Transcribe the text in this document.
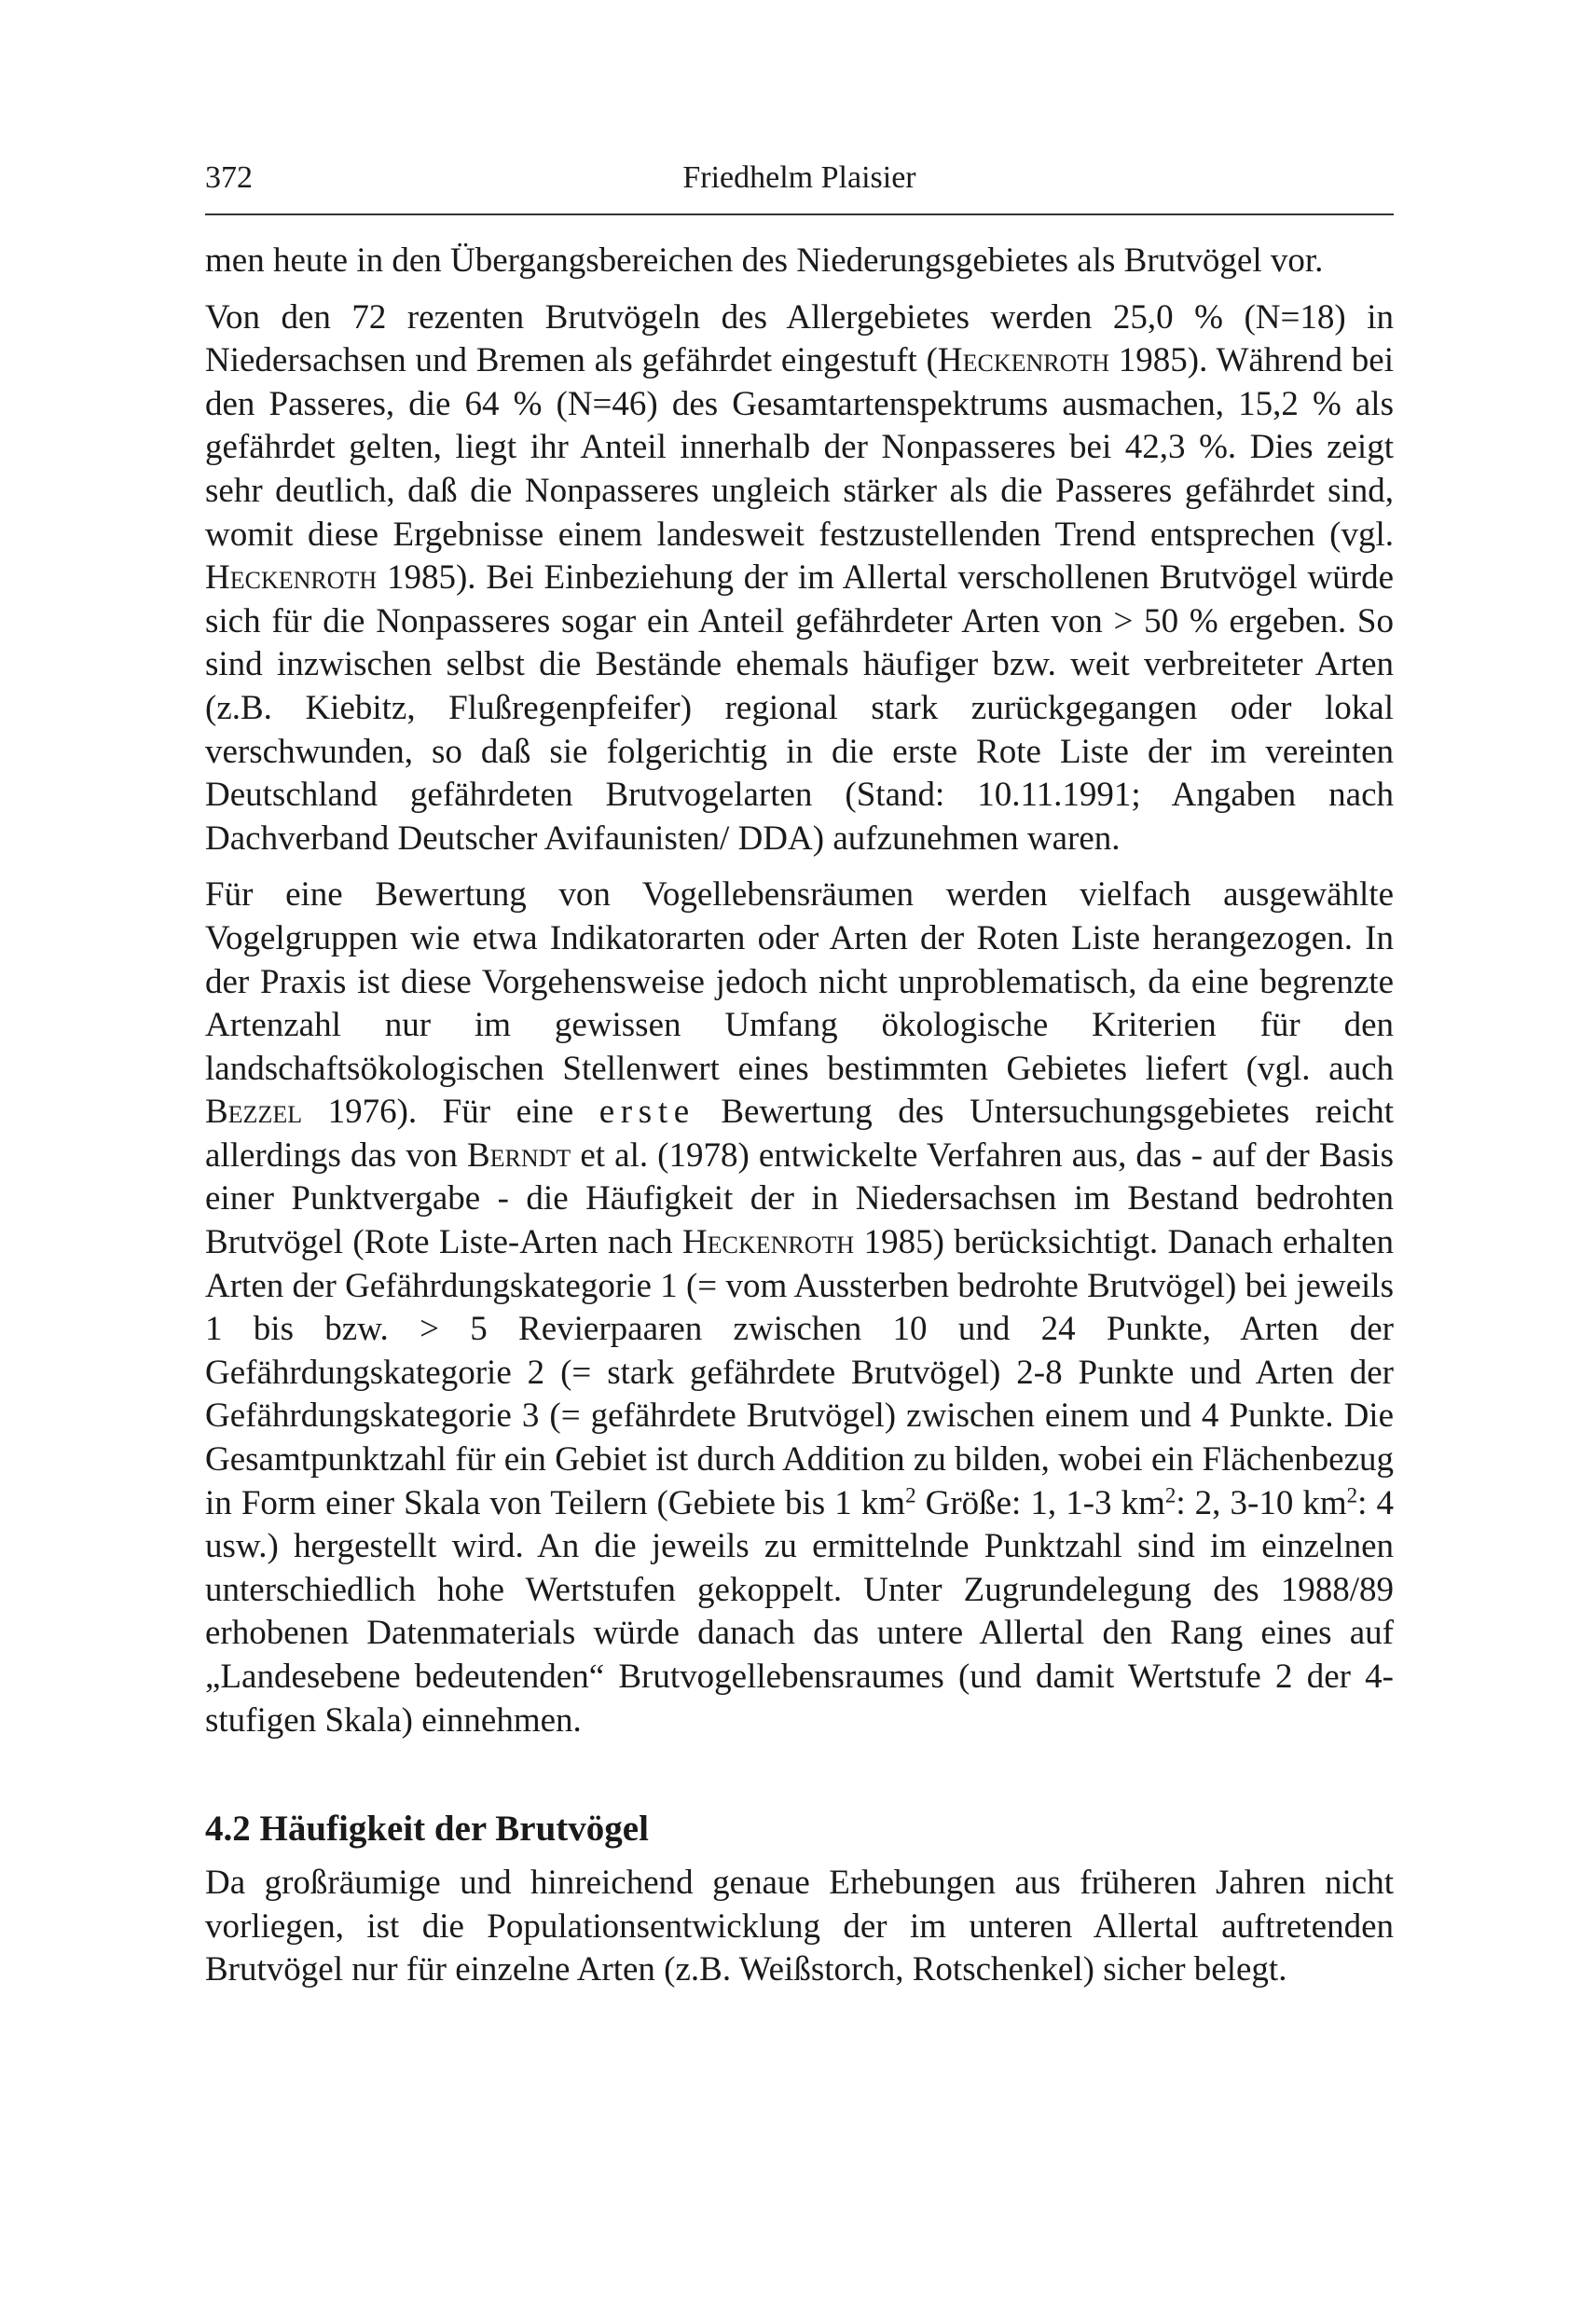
372	Friedhelm Plaisier

men heute in den Übergangsbereichen des Niederungsgebietes als Brutvögel vor.

Von den 72 rezenten Brutvögeln des Allergebietes werden 25,0 % (N=18) in Niedersachsen und Bremen als gefährdet eingestuft (Heckenroth 1985). Während bei den Passeres, die 64 % (N=46) des Gesamtartenspektrums ausmachen, 15,2 % als gefährdet gelten, liegt ihr Anteil innerhalb der Nonpasseres bei 42,3 %. Dies zeigt sehr deutlich, daß die Nonpasseres ungleich stärker als die Passeres gefährdet sind, womit diese Ergebnisse einem landesweit festzustellenden Trend entsprechen (vgl. Heckenroth 1985). Bei Einbeziehung der im Allertal verschollenen Brutvögel würde sich für die Nonpasseres sogar ein Anteil gefährdeter Arten von > 50 % ergeben. So sind inzwischen selbst die Bestände ehemals häufiger bzw. weit verbreiteter Arten (z.B. Kiebitz, Flußregenpfeifer) regional stark zurückgegangen oder lokal verschwunden, so daß sie folgerichtig in die erste Rote Liste der im vereinten Deutschland gefährdeten Brutvogelarten (Stand: 10.11.1991; Angaben nach Dachverband Deutscher Avifaunisten/ DDA) aufzunehmen waren.

Für eine Bewertung von Vogellebensräumen werden vielfach ausgewählte Vogelgruppen wie etwa Indikatorarten oder Arten der Roten Liste herangezogen. In der Praxis ist diese Vorgehensweise jedoch nicht unproblematisch, da eine begrenzte Artenzahl nur im gewissen Umfang ökologische Kriterien für den landschaftsökologischen Stellenwert eines bestimmten Gebietes liefert (vgl. auch Bezzel 1976). Für eine erste Bewertung des Untersuchungsgebietes reicht allerdings das von Berndt et al. (1978) entwickelte Verfahren aus, das - auf der Basis einer Punktvergabe - die Häufigkeit der in Niedersachsen im Bestand bedrohten Brutvögel (Rote Liste-Arten nach Heckenroth 1985) berücksichtigt. Danach erhalten Arten der Gefährdungskategorie 1 (= vom Aussterben bedrohte Brutvögel) bei jeweils 1 bis bzw. > 5 Revierpaaren zwischen 10 und 24 Punkte, Arten der Gefährdungskategorie 2 (= stark gefährdete Brutvögel) 2-8 Punkte und Arten der Gefährdungskategorie 3 (= gefährdete Brutvögel) zwischen einem und 4 Punkte. Die Gesamtpunktzahl für ein Gebiet ist durch Addition zu bilden, wobei ein Flächenbezug in Form einer Skala von Teilern (Gebiete bis 1 $km^2$ Größe: 1, 1-3 $km^2$: 2, 3-10 $km^2$: 4 usw.) hergestellt wird. An die jeweils zu ermittelnde Punktzahl sind im einzelnen unterschiedlich hohe Wertstufen gekoppelt. Unter Zugrundelegung des 1988/89 erhobenen Datenmaterials würde danach das untere Allertal den Rang eines auf „Landesebene bedeutenden“ Brutvogellebensraumes (und damit Wertstufe 2 der 4-stufigen Skala) einnehmen.

4.2 Häufigkeit der Brutvögel

Da großräumige und hinreichend genaue Erhebungen aus früheren Jahren nicht vorliegen, ist die Populationsentwicklung der im unteren Allertal auftretenden Brutvögel nur für einzelne Arten (z.B. Weißstorch, Rotschenkel) sicher belegt.
